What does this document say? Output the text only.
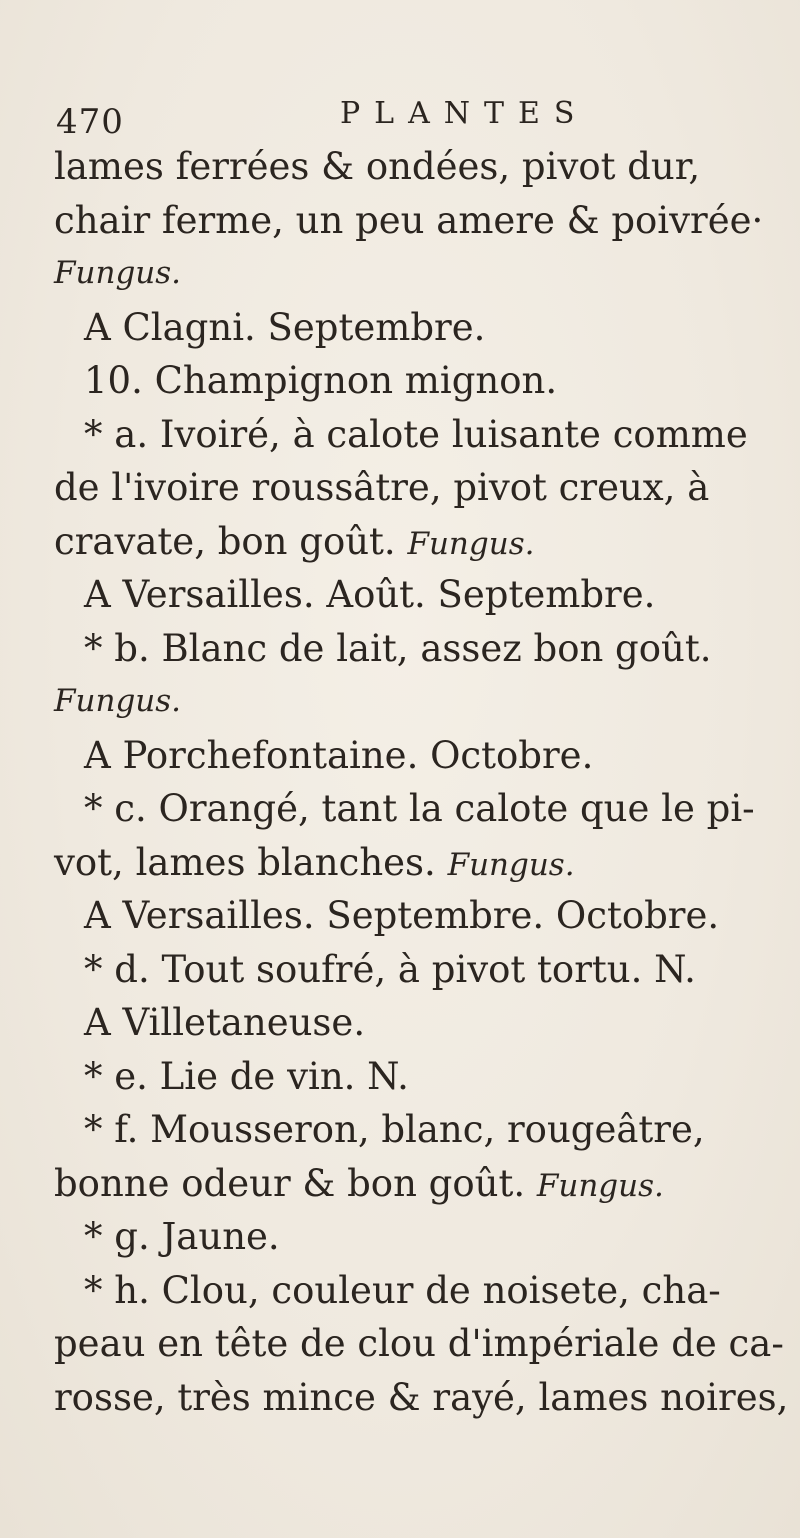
470	PLANTES
lames ferrées & ondées, pivot dur,
chair ferme, un peu amere & poivrée·
Fungus.
A Clagni. Septembre.
10. Champignon mignon.
* a. Ivoiré, à calote luisante comme
de l'ivoire roussâtre, pivot creux, à
cravate, bon goût. Fungus.
A Versailles. Août. Septembre.
* b. Blanc de lait, assez bon goût.
Fungus.
A Porchefontaine. Octobre.
* c. Orangé, tant la calote que le pi-
vot, lames blanches. Fungus.
A Versailles. Septembre. Octobre.
* d. Tout soufré, à pivot tortu. N.
A Villetaneuse.
* e. Lie de vin. N.
* f. Mousseron, blanc, rougeâtre,
bonne odeur & bon goût. Fungus.
* g. Jaune.
* h. Clou, couleur de noisete, cha-
peau en tête de clou d'impériale de ca-
rosse, très mince & rayé, lames noires,
